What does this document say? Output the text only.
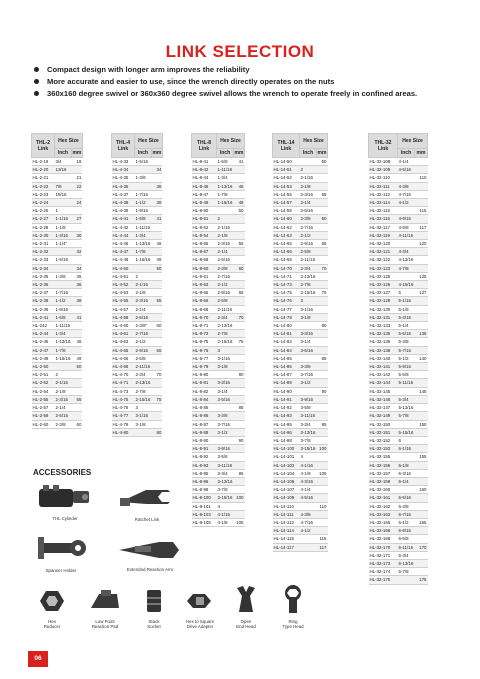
LINK SELECTION
Compact design with longer arm improves the reliability
More accurate and easier to use, since the wrench directly operates on the nuts
360x160 degree swivel or 360x360 degree swivel allows the wrench to operate freely in confined areas.
THL-2
Link	Hex Size	
	Inch	mm
HL-2-19	3/4	19
HL-2-20	13/16	
HL-2-21		21
HL-2-22	7/8	22
HL-2-23	15/16	
HL-2-24		24
HL-2-25	1	
HL-2-27	1-1/16	27
HL-2-28	1-1/8	
HL-2-30	1-3/16	30
HL-2-31	1-1/4"	
HL-2-32		32
HL-2-33	1-5/16	
HL-2-34		34
HL-2-35	1-3/8	35
HL-2-36		36
HL-2-37	1-7/16	
HL-2-38	1-1/2	38
HL-2-39	1-9/16	
HL-2-41	1-5/8	41
HL-242	1-11/16	
HL-2-44	1-3/4	
HL-2-46	1-13/16	46
HL-2-47	1-7/8	
HL-2-49	1-15/16	49
HL-2-50		50
HL-2-51	2	
HL-2-52	2-1/16	
HL-2-54	2-1/8	
HL-2-55	2-3/16	55
HL-2-57	2-1/4	
HL-2-59	2-5/16	
HL-2-60	2-3/8	60
THL-4
Link	Hex Size	
	Inch	mm
HL-4-33	1-5/16	
HL-4-34		34
HL-4-35	1-3/8	
HL-4-36		36
HL-4-37	1-7/16	
HL-4-38	1-1/2	38
HL-4-39	1-9/16	
HL-4-41	1-5/8	41
HL-4-42	1-11/16	
HL-4-44	1-3/4	
HL-4-46	1-13/16	46
HL-4-47	1-7/8	
HL-4-49	1-15/16	49
HL-4-50		50
HL-4-51	2	
HL-4-52	2-1/16	
HL-4-53	2-1/8	
HL-4-55	2-3/16	55
HL-4-57	2-1/4	
HL-4-58	2-5/16	
HL-4-60	2-3/8"	60
HL-4-61	2-7/16	
HL-4-63	2-1/2	
HL-4-65	2-9/16	65
HL-4-66	2-5/8	
HL-4-68	2-11/16	
HL-4-70	2-3/4	70
HL-4-71	2-13/16	
HL-4-73	2-7/8	
HL-4-75	2-15/16	75
HL-4-76	3	
HL-4-77	3-1/16	
HL-4-79	3-1/8	
HL-4-80		80
THL-8
Link	Hex Size	
	Inch	mm
HL-8-41	1-5/8	41
HL-8-42	1-11/16	
HL-8-44	1-3/4	
HL-8-46	1-13/16	46
HL-8-47	1-7/8	
HL-8-49	1-15/16	49
HL-8-50		50
HL-8-51	2	
HL-8-52	2-1/16	
HL-8-54	2-1/8	
HL-8-55	2-3/16	55
HL-8-57	2-1/4	
HL-8-58	2-5/16	
HL-8-60	2-3/8	60
HL-8-61	2-7/16	
HL-8-63	2-1/2	
HL-8-65	2-9/16	65
HL-8-66	2-5/8	
HL-8-68	2-11/16	
HL-8-70	2-3/4	70
HL-8-71	2-13/16	
HL-8-73	2-7/8	
HL-8-75	2-15/16	75
HL-8-76	3	
HL-8-77	3-1/16	
HL-8-79	3-1/8	
HL-8-80		80
HL-8-81	3-3/16	
HL-8-82	3-1/4	
HL-8-84	3-5/16	
HL-8-85		85
HL-8-86	3-3/8	
HL-8-87	3-7/16	
HL-8-88	3-1/2	
HL-8-90		90
HL-8-91	3-9/16	
HL-8-92	3-5/8	
HL-8-93	3-11/16	
HL-8-95	3-3/4	95
HL-8-96	3-13/16	
HL-8-98	3-7/8	
HL-8-100	3-15/16	100
HL-8-101	4	
HL-8-103	4-1/16	
HL-8-105	4-1/8	105
THL-14
Link	Hex Size	
	Inch	mm
HL-14-50		50
HL-14-51	2	
HL-14-52	2-1/16	
HL-14-53	2-1/8	
HL-14-55	2-3/16	55
HL-14-57	2-1/4	
HL-14-58	2-5/16	
HL-14-60	2-3/8	60
HL-14-62	2-7/16	
HL-14-63	2-1/2	
HL-14-65	2-9/16	65
HL-14-66	2-5/8	
HL-14-68	2-11/16	
HL-14-70	2-3/4	70
HL-14-71	2-13/16	
HL-14-73	2-7/8	
HL-14-75	2-15/16	75
HL-14-76	3	
HL-14-77	3-1/16	
HL-14-79	3-1/8	
HL-14-80		80
HL-14-81	3-3/16	
HL-14-82	3-1/4	
HL-14-84	3-5/16	
HL-14-85		85
HL-14-86	3-3/8	
HL-14-87	3-7/16	
HL-14-89	3-1/2	
HL-14-90		90
HL-14-91	3-9/16	
HL-14-92	3-5/8	
HL-14-93	3-11/16	
HL-14-95	3-3/4	95
HL-14-96	3-13/16	
HL-14-98	3-7/8	
HL-14-100	3-15/16	100
HL-14-101	4	
HL-14-103	4-1/16	
HL-14-104	4-1/8	105
HL-14-106	4-3/16	
HL-14-107	4-1/4	
HL-14-109	4-5/16	
HL-14-110		110
HL-14-111	4-3/8	
HL-14-112	4-7/16	
HL-14-114	4-1/2	
HL-14-115		115
HL-14-117		117
THL-32
Link	Hex Size	
	Inch	mm
HL-32-108	4-1/4	
HL-32-109	4-5/16	
HL-32-110		110
HL-32-111	4-3/8	
HL-32-112	4-7/16	
HL-32-114	4-1/2	
HL-32-115		115
HL-32-116	4-9/16	
HL-32-117	4-5/8	117
HL-32-119	4-11/16	
HL-32-120		120
HL-32-121	4-3/4	
HL-32-122	4-13/16	
HL-32-123	4-7/8	
HL-32-125		125
HL-32-126	4-15/16	
HL-32-127	5	127
HL-32-128	5-1/16	
HL-32-130	5-1/8	
HL-32-131	5-3/16	
HL-32-133	5-1/4	
HL-32-135	5-5/16	135
HL-32-136	5-3/8	
HL-32-138	5-7/16	
HL-32-140	5-1/2	140
HL-32-141	5-9/16	
HL-32-142	5-5/8	
HL-32-144	5-11/16	
HL-32-145		145
HL-32-146	5-3/4	
HL-32-147	5-13/16	
HL-32-149	5-7/8	
HL-32-150		150
HL-32-151	5-15/16	
HL-32-152	6	
HL-32-153	6-1/16	
HL-32-155		155
HL-32-156	6-1/8	
HL-32-157	6-3/16	
HL-32-158	6-1/4	
HL-32-160		160
HL-32-161	6-5/16	
HL-32-162	6-3/8	
HL-32-163	6-7/16	
HL-32-165	6-1/2	165
HL-32-166	6-9/16	
HL-32-168	6-5/8	
HL-32-170	6-11/16	170
HL-32-171	6-3/4	
HL-32-173	6-13/16	
HL-32-174	6-7/8	
HL-32-175		175
ACCESSORIES
THL Cylinder	Ratchet Link
Spanner Holder	Extended Reaction Arm
Hex
Reducer
Low Point
Reaction Pad
Stack
Socket
Hex to Square
Drive Adapter
Open
End Head
Ring
Type Head
06
